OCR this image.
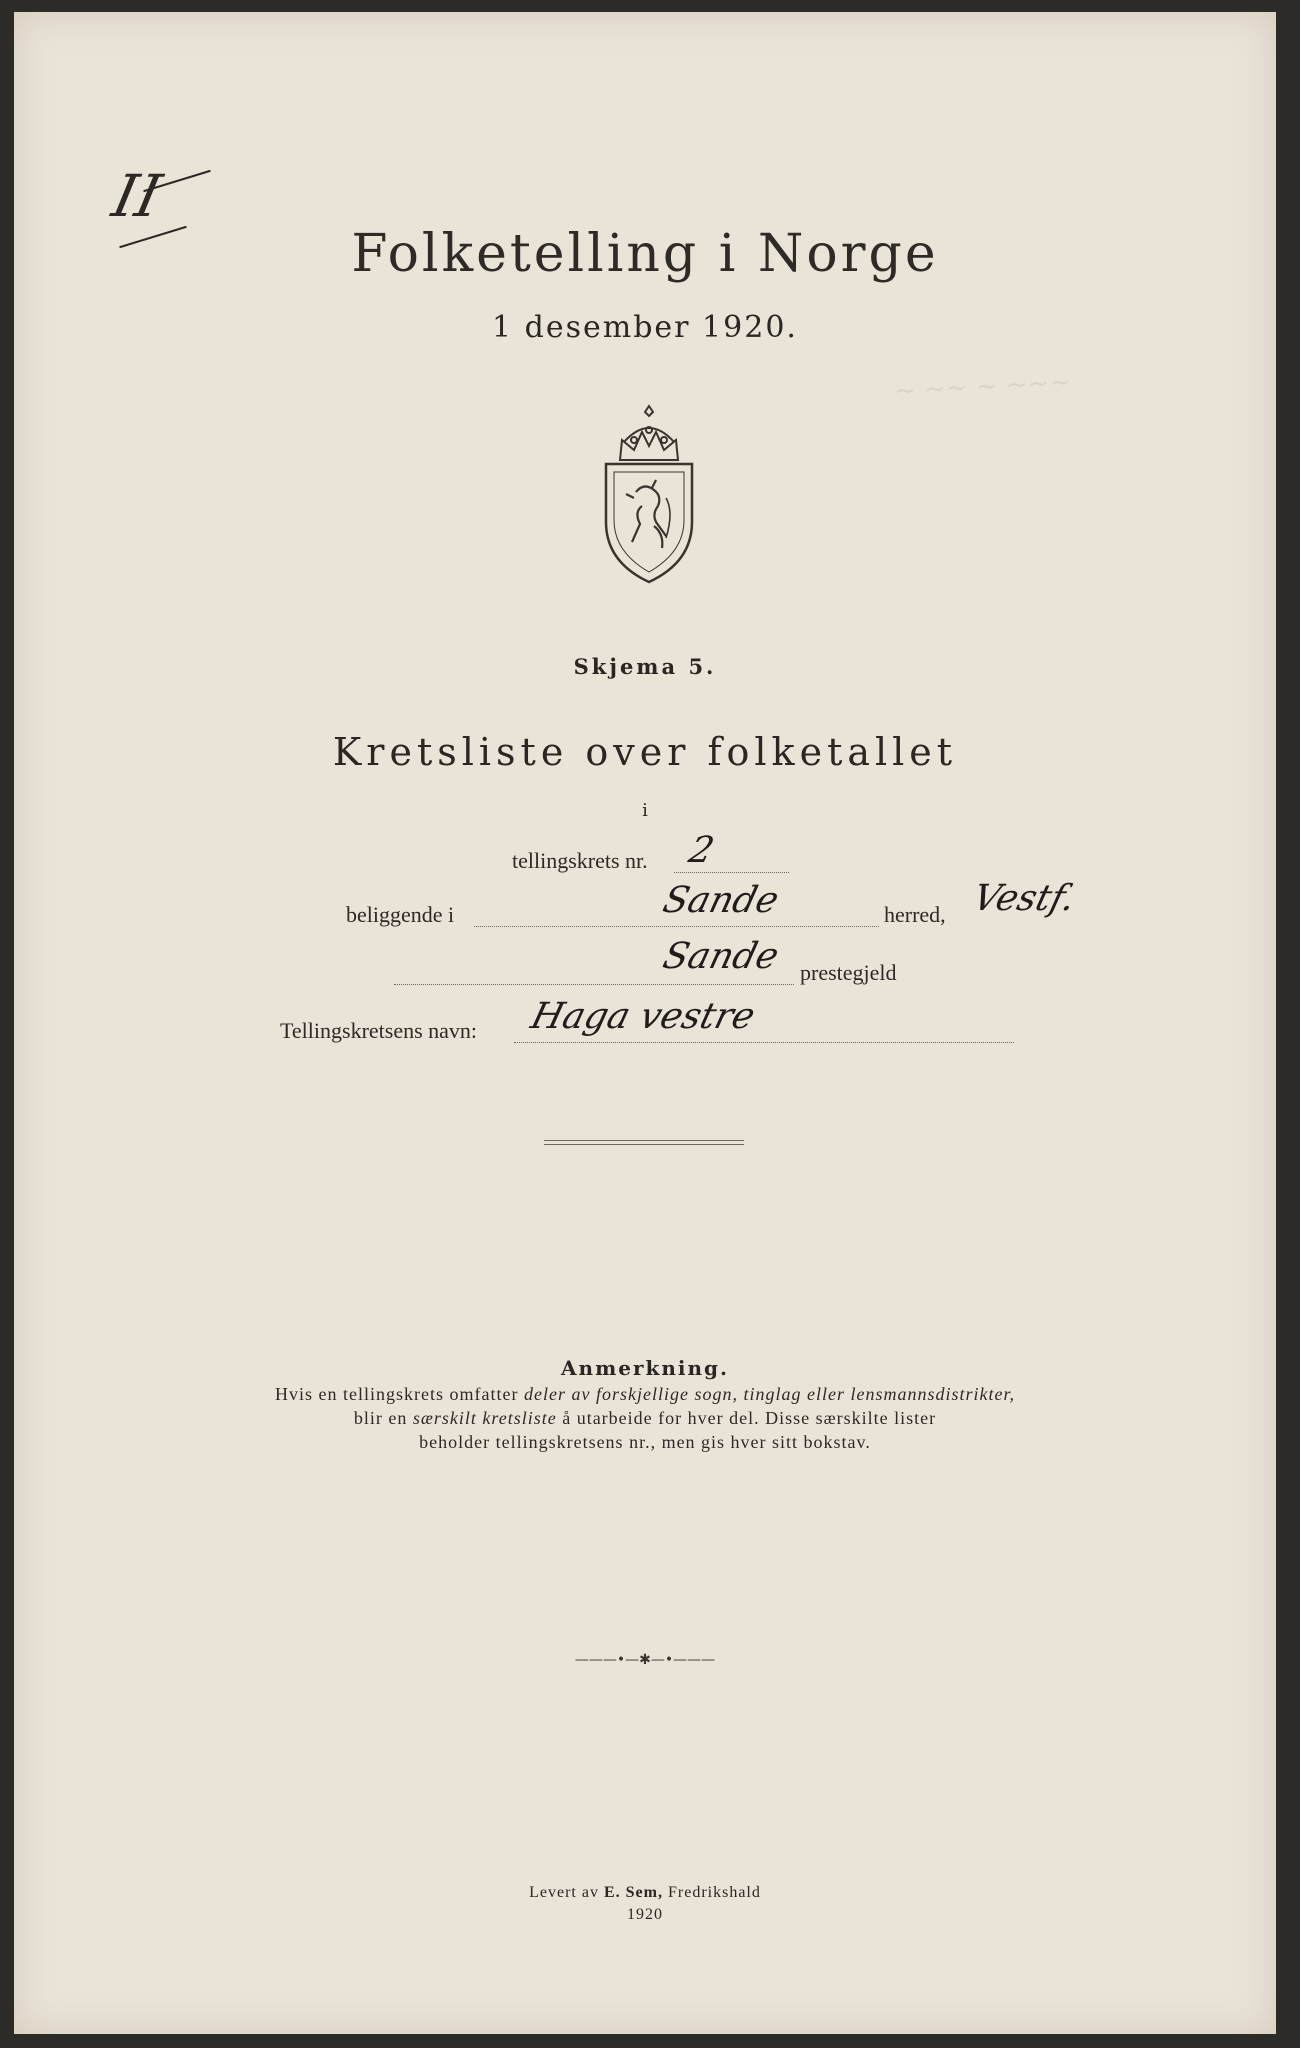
~ ~~ ~ ~~~
II
Folketelling i Norge
1 desember 1920.
Skjema 5.
Kretsliste over folketallet
i
tellingskrets nr. 2
beliggende i	Sande	herred, Vestf.
Sande prestegjeld
Tellingskretsens navn: Haga vestre
Anmerkning.
Hvis en tellingskrets omfatter deler av forskjellige sogn, tinglag eller lensmannsdistrikter,
blir en særskilt kretsliste å utarbeide for hver del. Disse særskilte lister
beholder tellingskretsens nr., men gis hver sitt bokstav.
———•—✱—•———
Levert av E. Sem, Fredrikshald
1920
